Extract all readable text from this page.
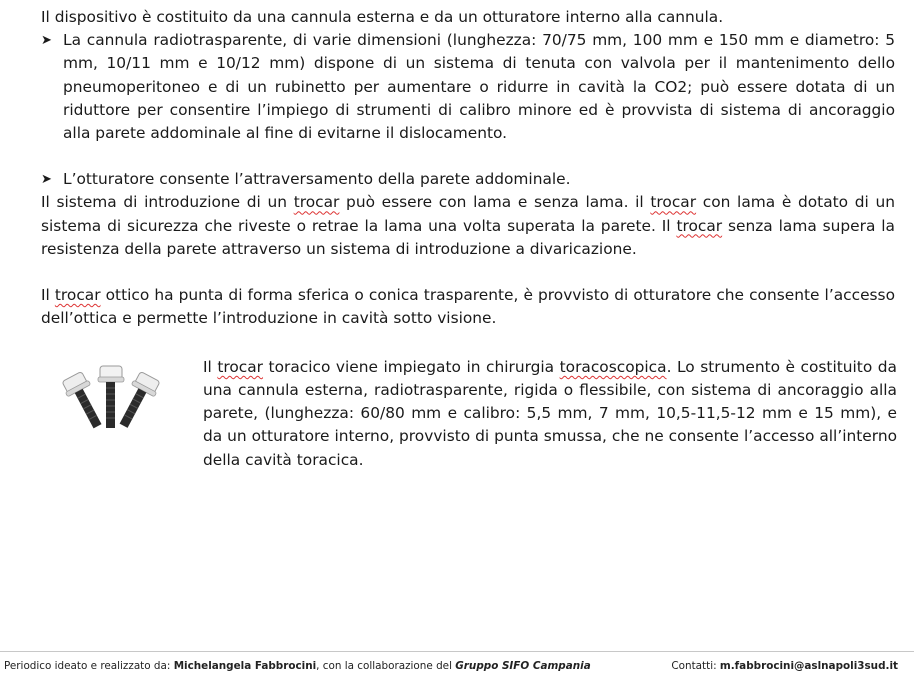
Il dispositivo è costituito da una cannula esterna e da un otturatore interno alla cannula.

➤ La cannula radiotrasparente, di varie dimensioni (lunghezza: 70/75 mm, 100 mm e 150 mm e diametro: 5 mm, 10/11 mm e 10/12 mm) dispone di un sistema di tenuta con valvola per il mantenimento dello pneumoperitoneo e di un rubinetto per aumentare o ridurre in cavità la CO2; può essere dotata di un riduttore per consentire l’impiego di strumenti di calibro minore ed è provvista di sistema di ancoraggio alla parete addominale al fine di evitarne il dislocamento.

➤ L’otturatore consente l’attraversamento della parete addominale.

Il sistema di introduzione di un trocar può essere con lama e senza lama. il trocar con lama è dotato di un sistema di sicurezza che riveste o retrae la lama una volta superata la parete. Il trocar senza lama supera la resistenza della parete attraverso un sistema di introduzione a divaricazione.

Il trocar ottico ha punta di forma sferica o conica trasparente, è provvisto di otturatore che consente l’accesso dell’ottica e permette l’introduzione in cavità sotto visione.

Il trocar toracico viene impiegato in chirurgia toracoscopica. Lo strumento è costituito da una cannula esterna, radiotrasparente, rigida o flessibile, con sistema di ancoraggio alla parete, (lunghezza: 60/80 mm e calibro: 5,5 mm, 7 mm, 10,5-11,5-12 mm e 15 mm), e da un otturatore interno, provvisto di punta smussa, che ne consente l’accesso all’interno della cavità toracica.

Periodico ideato e realizzato da: Michelangela Fabbrocini, con la collaborazione del Gruppo SIFO Campania	Contatti: m.fabbrocini@aslnapoli3sud.it
